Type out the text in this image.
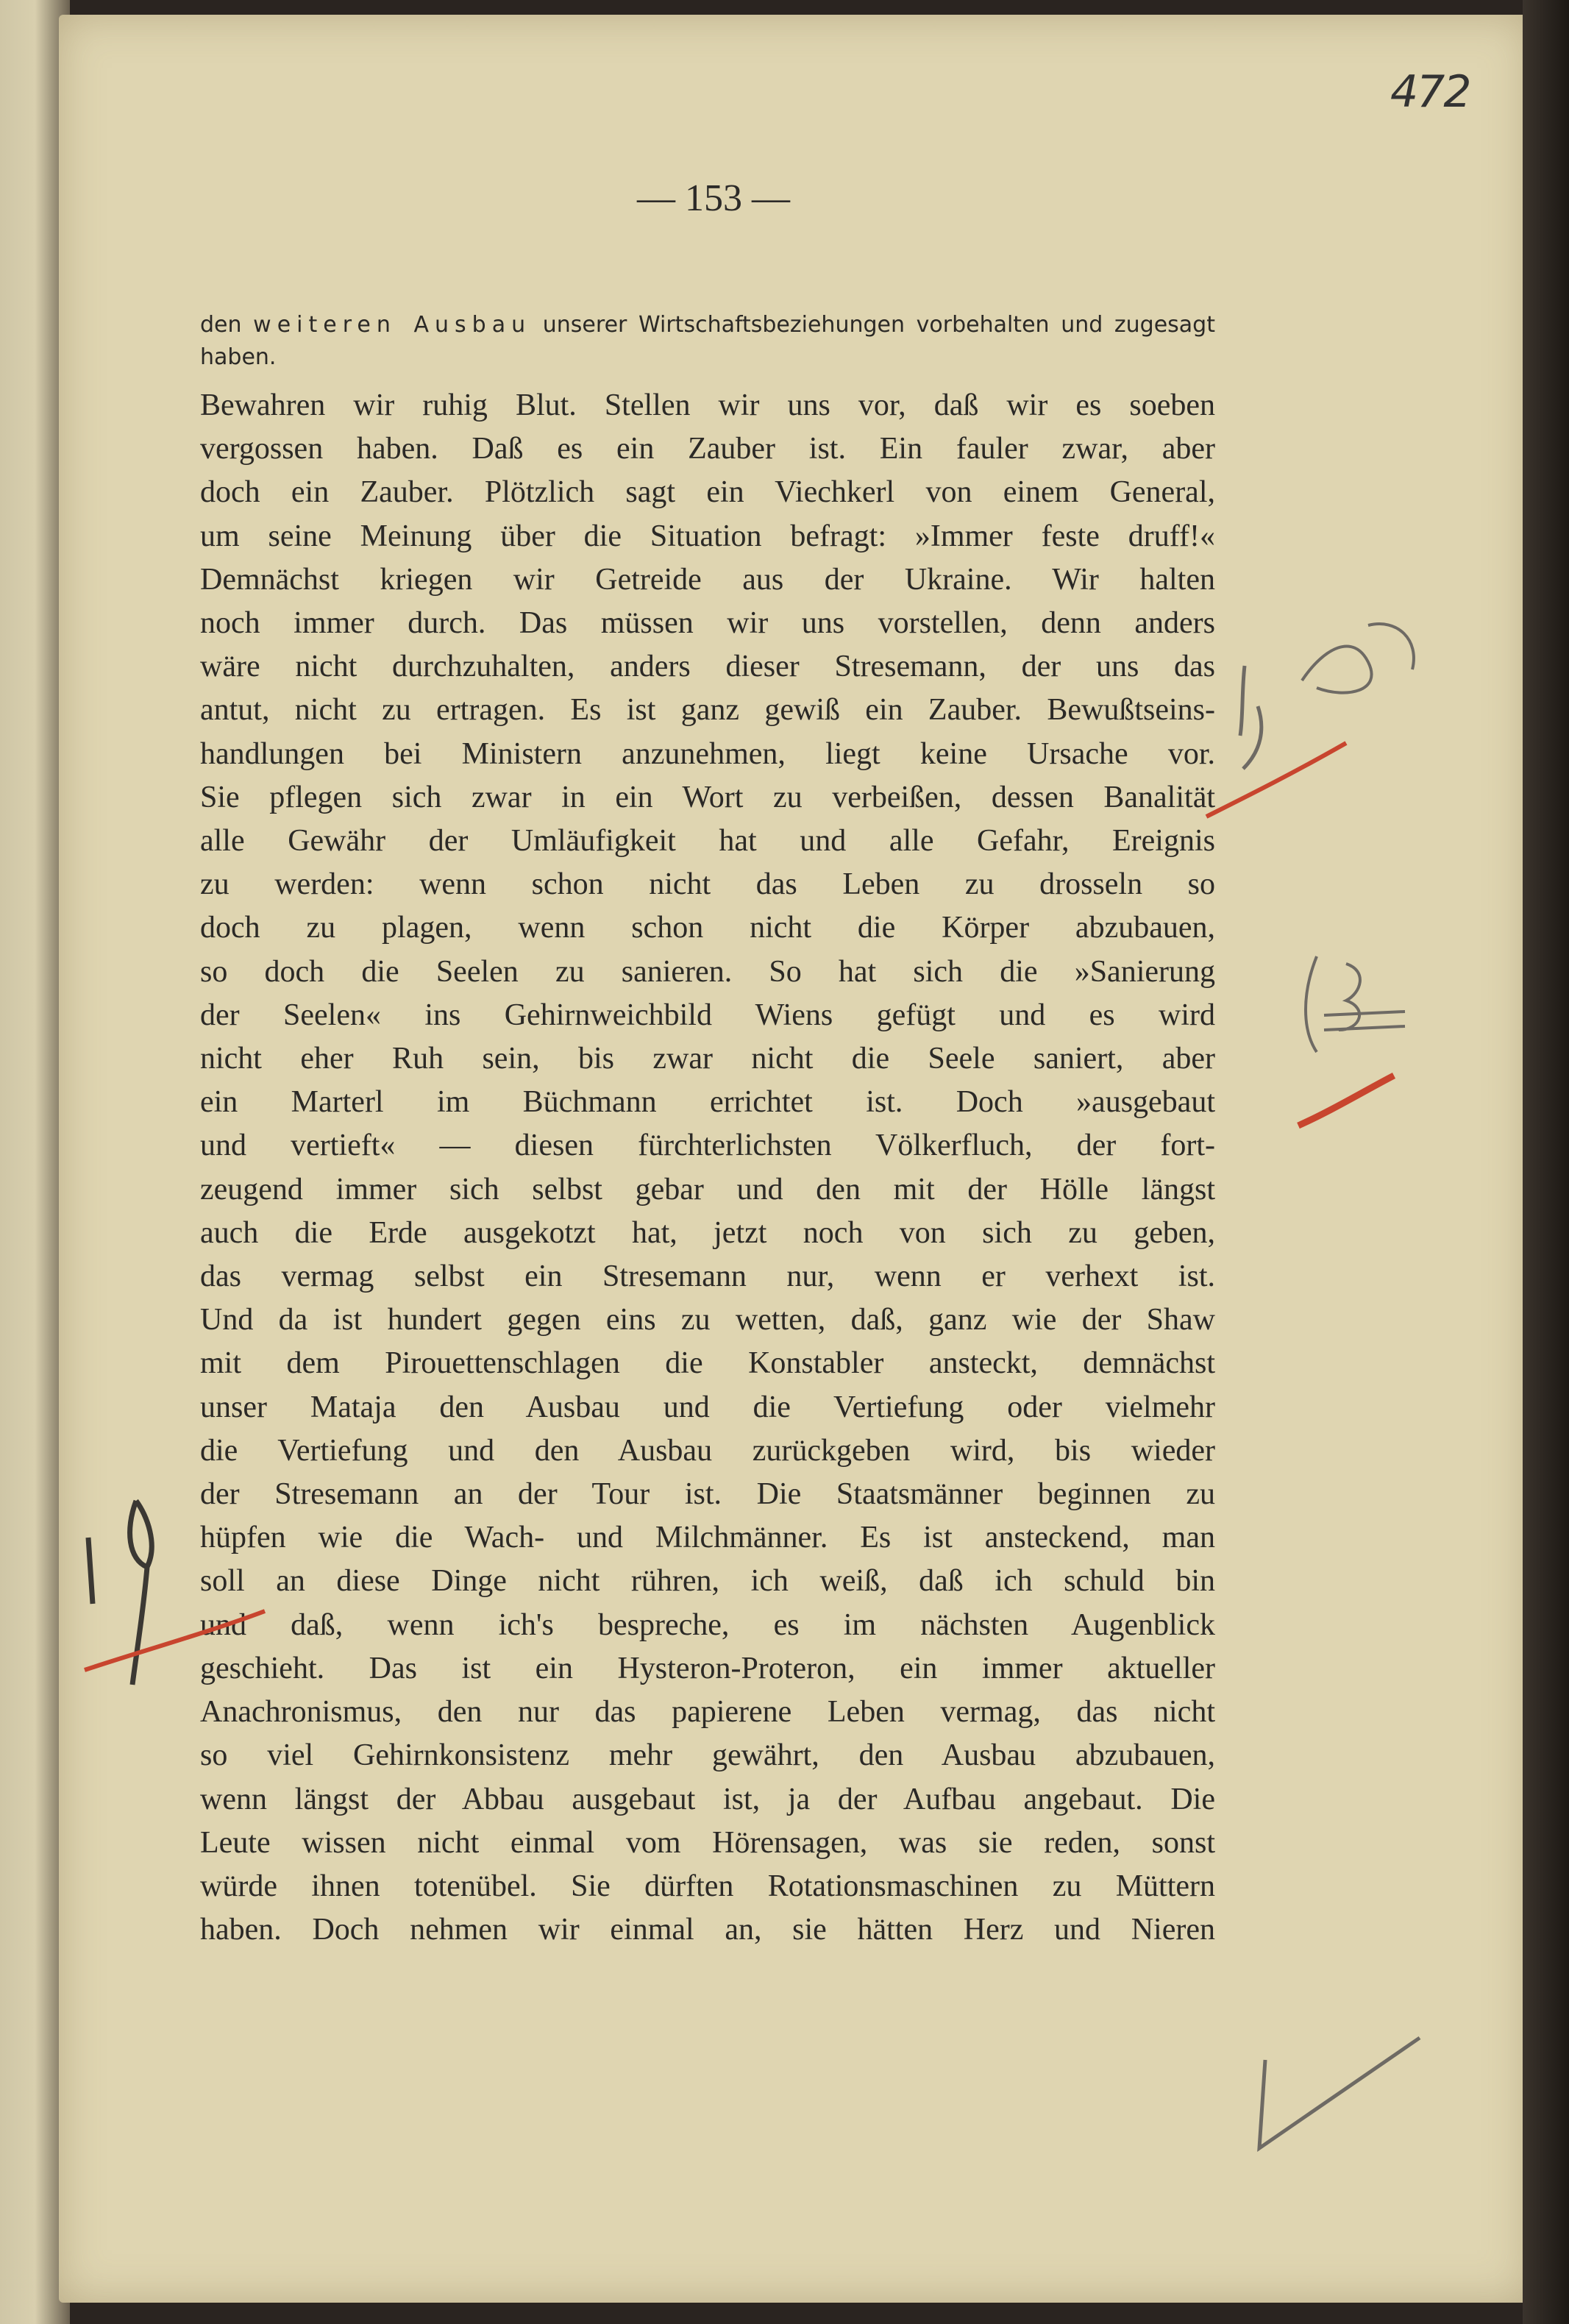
472
— 153 —

den weiteren Ausbau unserer Wirtschaftsbeziehungen vorbehalten und zugesagt haben.

Bewahren wir ruhig Blut. Stellen wir uns vor, daß wir es soeben
vergossen haben. Daß es ein Zauber ist. Ein fauler zwar, aber
doch ein Zauber. Plötzlich sagt ein Viechkerl von einem General,
um seine Meinung über die Situation befragt: »Immer feste druff!«
Demnächst kriegen wir Getreide aus der Ukraine. Wir halten
noch immer durch. Das müssen wir uns vorstellen, denn anders
wäre nicht durchzuhalten, anders dieser Stresemann, der uns das
antut, nicht zu ertragen. Es ist ganz gewiß ein Zauber. Bewußtseins-
handlungen bei Ministern anzunehmen, liegt keine Ursache vor.
Sie pflegen sich zwar in ein Wort zu verbeißen, dessen Banalität
alle Gewähr der Umläufigkeit hat und alle Gefahr, Ereignis
zu werden: wenn schon nicht das Leben zu drosseln so
doch zu plagen, wenn schon nicht die Körper abzubauen,
so doch die Seelen zu sanieren. So hat sich die »Sanierung
der Seelen« ins Gehirnweichbild Wiens gefügt und es wird
nicht eher Ruh sein, bis zwar nicht die Seele saniert, aber
ein Marterl im Büchmann errichtet ist. Doch »ausgebaut
und vertieft« — diesen fürchterlichsten Völkerfluch, der fort-
zeugend immer sich selbst gebar und den mit der Hölle längst
auch die Erde ausgekotzt hat, jetzt noch von sich zu geben,
das vermag selbst ein Stresemann nur, wenn er verhext ist.
Und da ist hundert gegen eins zu wetten, daß, ganz wie der Shaw
mit dem Pirouettenschlagen die Konstabler ansteckt, demnächst
unser Mataja den Ausbau und die Vertiefung oder vielmehr
die Vertiefung und den Ausbau zurückgeben wird, bis wieder
der Stresemann an der Tour ist. Die Staatsmänner beginnen zu
hüpfen wie die Wach- und Milchmänner. Es ist ansteckend, man
soll an diese Dinge nicht rühren, ich weiß, daß ich schuld bin
und daß, wenn ich's bespreche, es im nächsten Augenblick
geschieht. Das ist ein Hysteron-Proteron, ein immer aktueller
Anachronismus, den nur das papierene Leben vermag, das nicht
so viel Gehirnkonsistenz mehr gewährt, den Ausbau abzubauen,
wenn längst der Abbau ausgebaut ist, ja der Aufbau angebaut. Die
Leute wissen nicht einmal vom Hörensagen, was sie reden, sonst
würde ihnen totenübel. Sie dürften Rotationsmaschinen zu Müttern
haben. Doch nehmen wir einmal an, sie hätten Herz und Nieren
